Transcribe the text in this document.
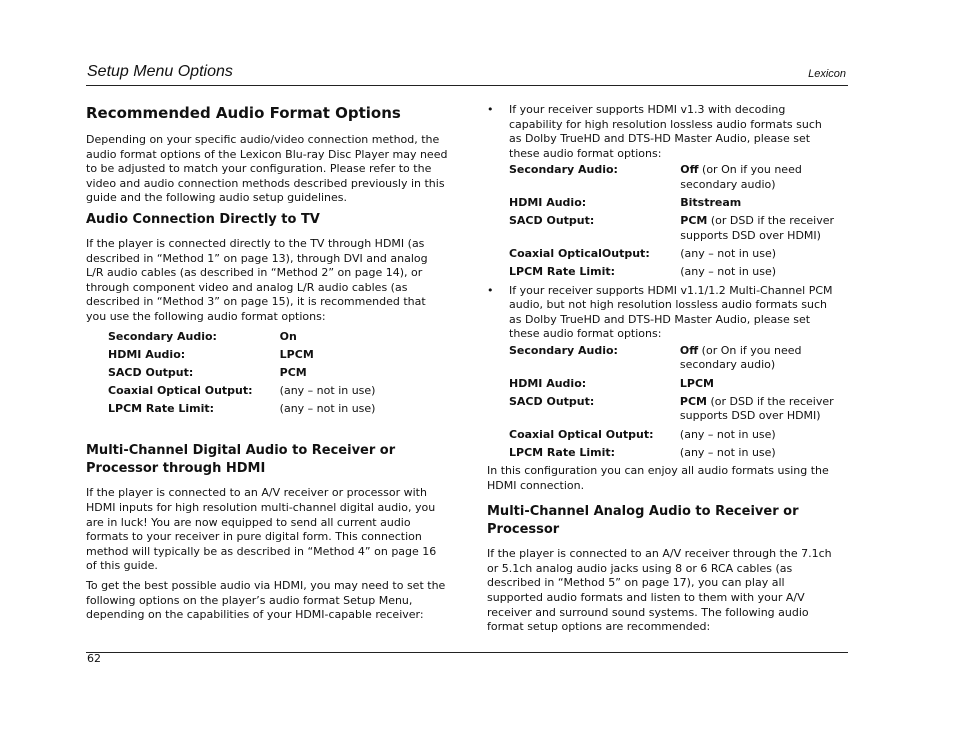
Setup Menu Options	Lexicon
Recommended Audio Format Options

Depending on your specific audio/video connection method, the audio format options of the Lexicon Blu-ray Disc Player may need to be adjusted to match your configuration. Please refer to the video and audio connection methods described previously in this guide and the following audio setup guidelines.

Audio Connection Directly to TV

If the player is connected directly to the TV through HDMI (as described in “Method 1” on page 13), through DVI and analog L/R audio cables (as described in “Method 2” on page 14), or through component video and analog L/R audio cables (as described in “Method 3” on page 15), it is recommended that you use the following audio format options:

Secondary Audio:	On
HDMI Audio:	LPCM
SACD Output:	PCM
Coaxial Optical Output:	(any – not in use)
LPCM Rate Limit:	(any – not in use)
Multi-Channel Digital Audio to Receiver or Processor through HDMI

If the player is connected to an A/V receiver or processor with HDMI inputs for high resolution multi-channel digital audio, you are in luck! You are now equipped to send all current audio formats to your receiver in pure digital form. This connection method will typically be as described in “Method 4” on page 16 of this guide.

To get the best possible audio via HDMI, you may need to set the following options on the player’s audio format Setup Menu, depending on the capabilities of your HDMI-capable receiver:

• If your receiver supports HDMI v1.3 with decoding capability for high resolution lossless audio formats such as Dolby TrueHD and DTS-HD Master Audio, please set these audio format options:
Secondary Audio:	Off (or On if you need secondary audio)
HDMI Audio:	Bitstream
SACD Output:	PCM (or DSD if the receiver supports DSD over HDMI)
Coaxial OpticalOutput:	(any – not in use)
LPCM Rate Limit:	(any – not in use)
• If your receiver supports HDMI v1.1/1.2 Multi-Channel PCM audio, but not high resolution lossless audio formats such as Dolby TrueHD and DTS-HD Master Audio, please set these audio format options:
Secondary Audio:	Off (or On if you need secondary audio)
HDMI Audio:	LPCM
SACD Output:	PCM (or DSD if the receiver supports DSD over HDMI)
Coaxial Optical Output:	(any – not in use)
LPCM Rate Limit:	(any – not in use)

In this configuration you can enjoy all audio formats using the HDMI connection.

Multi-Channel Analog Audio to Receiver or Processor

If the player is connected to an A/V receiver through the 7.1ch or 5.1ch analog audio jacks using 8 or 6 RCA cables (as described in “Method 5” on page 17), you can play all supported audio formats and listen to them with your A/V receiver and surround sound systems. The following audio format setup options are recommended:

62
